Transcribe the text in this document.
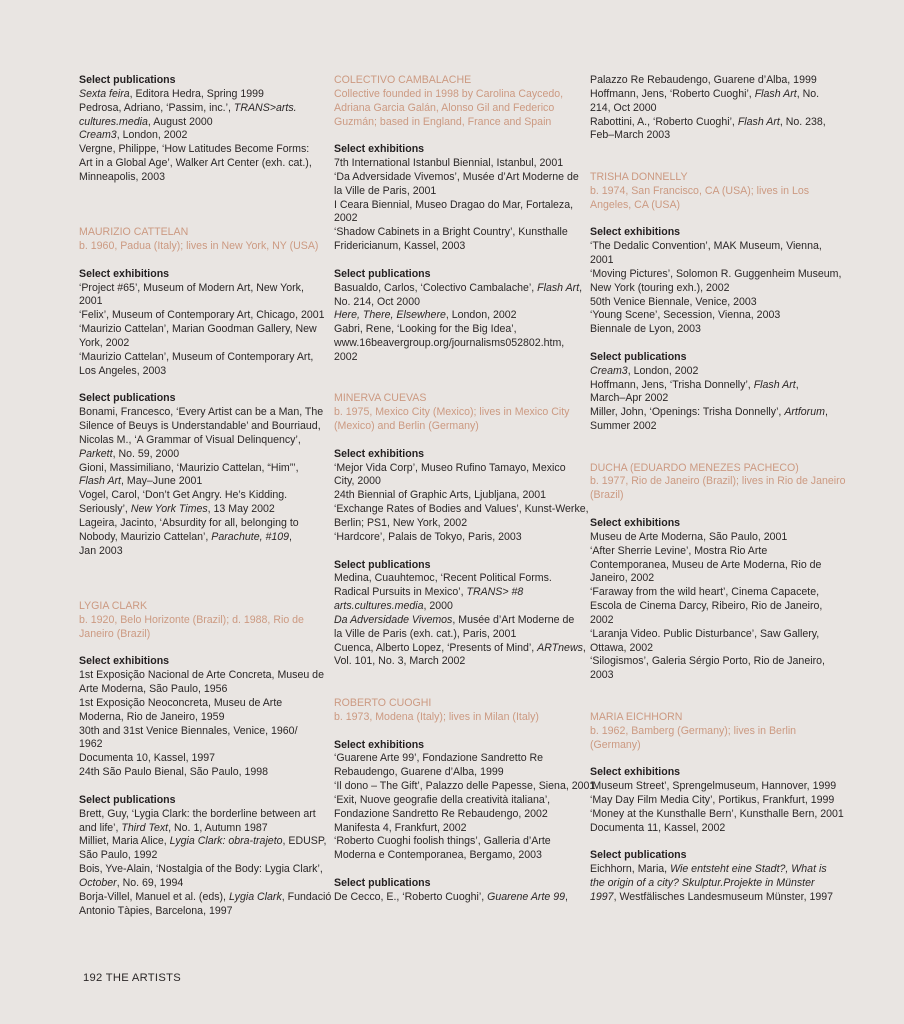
Select publications
Sexta feira, Editora Hedra, Spring 1999
Pedrosa, Adriano, ‘Passim, inc.’, TRANS>arts.
cultures.media, August 2000
Cream3, London, 2002
Vergne, Philippe, ‘How Latitudes Become Forms:
Art in a Global Age’, Walker Art Center (exh. cat.),
Minneapolis, 2003
MAURIZIO CATTELAN
b. 1960, Padua (Italy); lives in New York, NY (USA)
Select exhibitions
‘Project #65’, Museum of Modern Art, New York,
2001
‘Felix’, Museum of Contemporary Art, Chicago, 2001
‘Maurizio Cattelan’, Marian Goodman Gallery, New
York, 2002
‘Maurizio Cattelan’, Museum of Contemporary Art,
Los Angeles, 2003
Select publications
Bonami, Francesco, ‘Every Artist can be a Man, The
Silence of Beuys is Understandable’ and Bourriaud,
Nicolas M., ‘A Grammar of Visual Delinquency’,
Parkett, No. 59, 2000
Gioni, Massimiliano, ‘Maurizio Cattelan, “Him”’,
Flash Art, May–June 2001
Vogel, Carol, ‘Don’t Get Angry. He’s Kidding.
Seriously’, New York Times, 13 May 2002
Lageira, Jacinto, ‘Absurdity for all, belonging to
Nobody, Maurizio Cattelan’, Parachute, #109,
Jan 2003
LYGIA CLARK
b. 1920, Belo Horizonte (Brazil); d. 1988, Rio de
Janeiro (Brazil)
Select exhibitions
1st Exposição Nacional de Arte Concreta, Museu de
Arte Moderna, São Paulo, 1956
1st Exposição Neoconcreta, Museu de Arte
Moderna, Rio de Janeiro, 1959
30th and 31st Venice Biennales, Venice, 1960/
1962
Documenta 10, Kassel, 1997
24th São Paulo Bienal, São Paulo, 1998
Select publications
Brett, Guy, ‘Lygia Clark: the borderline between art
and life’, Third Text, No. 1, Autumn 1987
Milliet, Maria Alice, Lygia Clark: obra-trajeto, EDUSP,
São Paulo, 1992
Bois, Yve-Alain, ‘Nostalgia of the Body: Lygia Clark’,
October, No. 69, 1994
Borja-Villel, Manuel et al. (eds), Lygia Clark, Fundació
Antonio Tàpies, Barcelona, 1997
COLECTIVO CAMBALACHE
Collective founded in 1998 by Carolina Caycedo,
Adriana Garcia Galán, Alonso Gil and Federico
Guzmán; based in England, France and Spain
Select exhibitions
7th International Istanbul Biennial, Istanbul, 2001
‘Da Adversidade Vivemos’, Musée d’Art Moderne de
la Ville de Paris, 2001
I Ceara Biennial, Museo Dragao do Mar, Fortaleza,
2002
‘Shadow Cabinets in a Bright Country’, Kunsthalle
Fridericianum, Kassel, 2003
Select publications
Basualdo, Carlos, ‘Colectivo Cambalache’, Flash Art,
No. 214, Oct 2000
Here, There, Elsewhere, London, 2002
Gabri, Rene, ‘Looking for the Big Idea’,
www.16beavergroup.org/journalisms052802.htm,
2002
MINERVA CUEVAS
b. 1975, Mexico City (Mexico); lives in Mexico City
(Mexico) and Berlin (Germany)
Select exhibitions
‘Mejor Vida Corp’, Museo Rufino Tamayo, Mexico
City, 2000
24th Biennial of Graphic Arts, Ljubljana, 2001
‘Exchange Rates of Bodies and Values’, Kunst-Werke,
Berlin; PS1, New York, 2002
‘Hardcore’, Palais de Tokyo, Paris, 2003
Select publications
Medina, Cuauhtemoc, ‘Recent Political Forms.
Radical Pursuits in Mexico’, TRANS> #8
arts.cultures.media, 2000
Da Adversidade Vivemos, Musée d’Art Moderne de
la Ville de Paris (exh. cat.), Paris, 2001
Cuenca, Alberto Lopez, ‘Presents of Mind’, ARTnews,
Vol. 101, No. 3, March 2002
ROBERTO CUOGHI
b. 1973, Modena (Italy); lives in Milan (Italy)
Select exhibitions
‘Guarene Arte 99’, Fondazione Sandretto Re
Rebaudengo, Guarene d’Alba, 1999
‘Il dono – The Gift’, Palazzo delle Papesse, Siena, 2001
‘Exit, Nuove geografie della creatività italiana’,
Fondazione Sandretto Re Rebaudengo, 2002
Manifesta 4, Frankfurt, 2002
‘Roberto Cuoghi foolish things’, Galleria d’Arte
Moderna e Contemporanea, Bergamo, 2003
Select publications
De Cecco, E., ‘Roberto Cuoghi’, Guarene Arte 99,
Palazzo Re Rebaudengo, Guarene d’Alba, 1999
Hoffmann, Jens, ‘Roberto Cuoghi’, Flash Art, No.
214, Oct 2000
Rabottini, A., ‘Roberto Cuoghi’, Flash Art, No. 238,
Feb–March 2003
TRISHA DONNELLY
b. 1974, San Francisco, CA (USA); lives in Los
Angeles, CA (USA)
Select exhibitions
‘The Dedalic Convention’, MAK Museum, Vienna,
2001
‘Moving Pictures’, Solomon R. Guggenheim Museum,
New York (touring exh.), 2002
50th Venice Biennale, Venice, 2003
‘Young Scene’, Secession, Vienna, 2003
Biennale de Lyon, 2003
Select publications
Cream3, London, 2002
Hoffmann, Jens, ‘Trisha Donnelly’, Flash Art,
March–Apr 2002
Miller, John, ‘Openings: Trisha Donnelly’, Artforum,
Summer 2002
DUCHA (EDUARDO MENEZES PACHECO)
b. 1977, Rio de Janeiro (Brazil); lives in Rio de Janeiro
(Brazil)
Select exhibitions
Museu de Arte Moderna, São Paulo, 2001
‘After Sherrie Levine’, Mostra Rio Arte
Contemporanea, Museu de Arte Moderna, Rio de
Janeiro, 2002
‘Faraway from the wild heart’, Cinema Capacete,
Escola de Cinema Darcy, Ribeiro, Rio de Janeiro,
2002
‘Laranja Video. Public Disturbance’, Saw Gallery,
Ottawa, 2002
‘Silogismos’, Galeria Sérgio Porto, Rio de Janeiro,
2003
MARIA EICHHORN
b. 1962, Bamberg (Germany); lives in Berlin
(Germany)
Select exhibitions
‘Museum Street’, Sprengelmuseum, Hannover, 1999
‘May Day Film Media City’, Portikus, Frankfurt, 1999
‘Money at the Kunsthalle Bern’, Kunsthalle Bern, 2001
Documenta 11, Kassel, 2002
Select publications
Eichhorn, Maria, Wie entsteht eine Stadt?, What is
the origin of a city? Skulptur.Projekte in Münster
1997, Westfälisches Landesmuseum Münster, 1997
192 THE ARTISTS
